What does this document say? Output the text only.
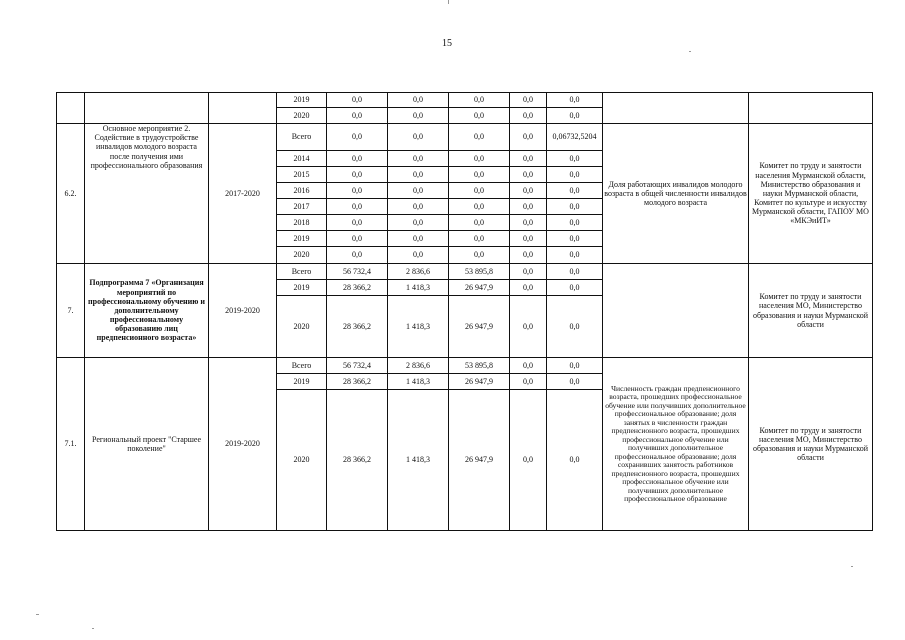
15
			2019	0,0	0,0	0,0	0,0	0,0		
			2020	0,0	0,0	0,0	0,0	0,0		
6.2.	Основное мероприятие 2. Содействие в трудоустройстве инвалидов молодого возраста после получения ими профессионального образования	2017-2020	Всего	0,0	0,0	0,0	0,0	0,06732,5204	Доля работающих инвалидов молодого возраста в общей численности инвалидов молодого возраста	Комитет по труду и занятости населения Мурманской области, Министерство образования и науки Мурманской области, Комитет по культуре и искусству Мурманской области, ГАПОУ МО «МКЭиИТ»
			2014	0,0	0,0	0,0	0,0	0,0		
			2015	0,0	0,0	0,0	0,0	0,0		
			2016	0,0	0,0	0,0	0,0	0,0		
			2017	0,0	0,0	0,0	0,0	0,0		
			2018	0,0	0,0	0,0	0,0	0,0		
			2019	0,0	0,0	0,0	0,0	0,0		
			2020	0,0	0,0	0,0	0,0	0,0		
7.	Подпрограмма 7 «Организация мероприятий по профессиональному обучению и дополнительному профессиональному образованию лиц предпенсионного возраста»	2019-2020	Всего	56 732,4	2 836,6	53 895,8	0,0	0,0		Комитет по труду и занятости населения МО, Министерство образования и науки Мурманской области
			2019	28 366,2	1 418,3	26 947,9	0,0	0,0		
			2020	28 366,2	1 418,3	26 947,9	0,0	0,0		
7.1.	Региональный проект "Старшее поколение"	2019-2020	Всего	56 732,4	2 836,6	53 895,8	0,0	0,0	Численность граждан предпенсионного возраста, прошедших профессиональное обучение или получивших дополнительное профессиональное образование; доля занятых в численности граждан предпенсионного возраста, прошедших профессиональное обучение или получивших дополнительное профессиональное образование; доля сохранивших занятость работников предпенсионного возраста, прошедших профессиональное обучение или получивших дополнительное профессиональное образование	Комитет по труду и занятости населения МО, Министерство образования и науки Мурманской области
			2019	28 366,2	1 418,3	26 947,9	0,0	0,0		
			2020	28 366,2	1 418,3	26 947,9	0,0	0,0		
